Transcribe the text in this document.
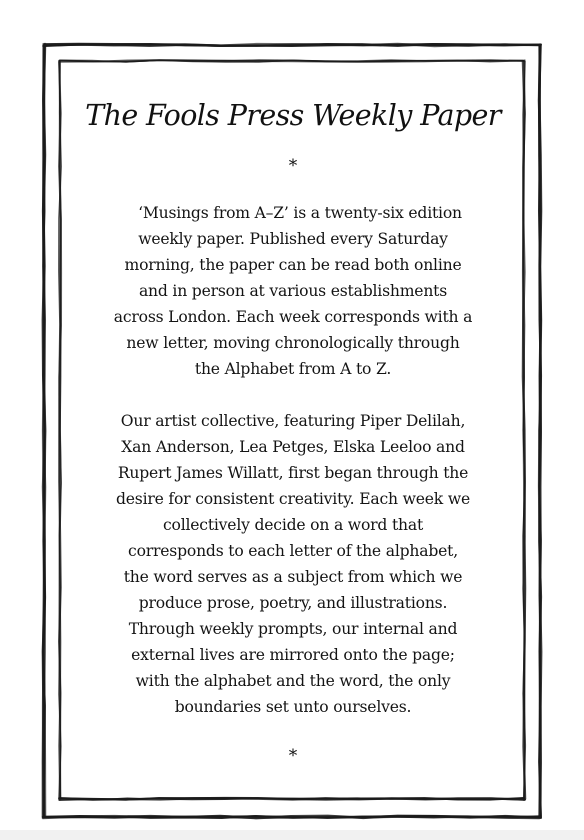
The Fools Press Weekly Paper

*

‘Musings from A–Z’ is a twenty-six edition
weekly paper. Published every Saturday
morning, the paper can be read both online
and in person at various establishments
across London. Each week corresponds with a
new letter, moving chronologically through
the Alphabet from A to Z.

Our artist collective, featuring Piper Delilah,
Xan Anderson, Lea Petges, Elska Leeloo and
Rupert James Willatt, first began through the
desire for consistent creativity. Each week we
collectively decide on a word that
corresponds to each letter of the alphabet,
the word serves as a subject from which we
produce prose, poetry, and illustrations.
Through weekly prompts, our internal and
external lives are mirrored onto the page;
with the alphabet and the word, the only
boundaries set unto ourselves.

*
